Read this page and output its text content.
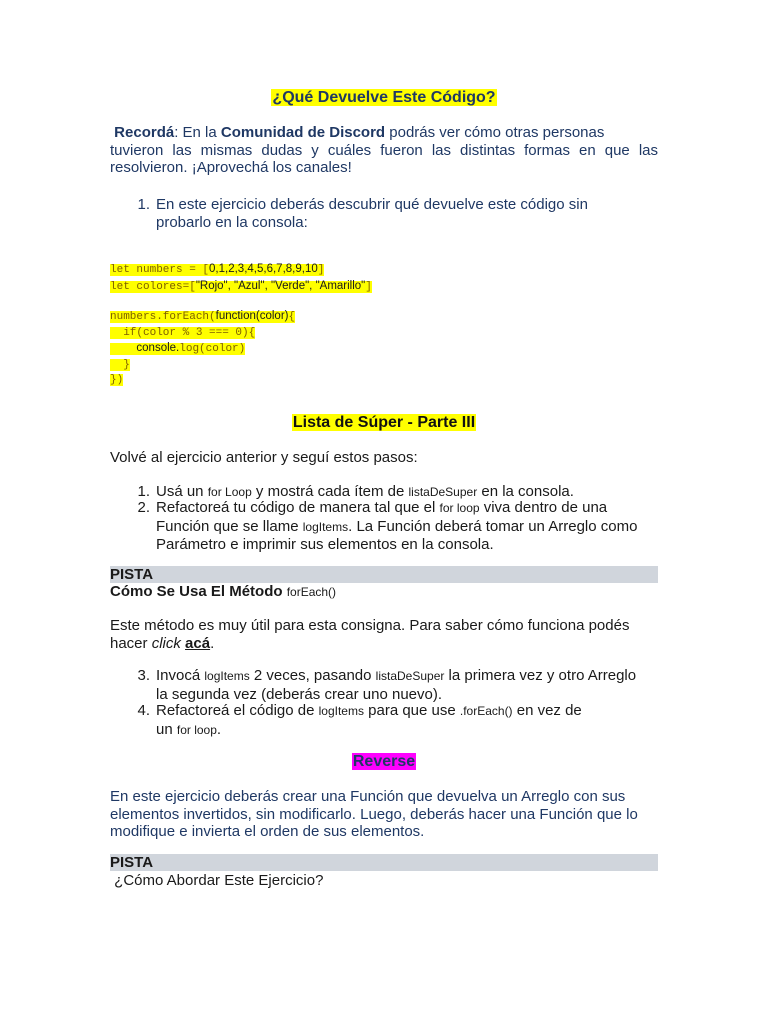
¿Qué Devuelve Este Código?
Recordá: En la Comunidad de Discord podrás ver cómo otras personas
tuvieron las mismas dudas y cuáles fueron las distintas formas en que las
resolvieron. ¡Aprovechá los canales!
1. En este ejercicio deberás descubrir qué devuelve este código sin
probarlo en la consola:
let numbers = [0,1,2,3,4,5,6,7,8,9,10]
let colores=["Rojo", "Azul", "Verde", "Amarillo"]
numbers.forEach(function(color){
if(color % 3 === 0){
console.log(color)
}
})
Lista de Súper - Parte III
Volvé al ejercicio anterior y seguí estos pasos:
1. Usá un for Loop y mostrá cada ítem de listaDeSuper en la consola.
2. Refactoreá tu código de manera tal que el for loop viva dentro de una
Función que se llame logItems. La Función deberá tomar un Arreglo como
Parámetro e imprimir sus elementos en la consola.
PISTA
Cómo Se Usa El Método forEach()
Este método es muy útil para esta consigna. Para saber cómo funciona podés
hacer click acá.
3. Invocá logItems 2 veces, pasando listaDeSuper la primera vez y otro Arreglo
la segunda vez (deberás crear uno nuevo).
4. Refactoreá el código de logItems para que use .forEach() en vez de
un for loop.
Reverse
En este ejercicio deberás crear una Función que devuelva un Arreglo con sus
elementos invertidos, sin modificarlo. Luego, deberás hacer una Función que lo
modifique e invierta el orden de sus elementos.
PISTA
¿Cómo Abordar Este Ejercicio?
